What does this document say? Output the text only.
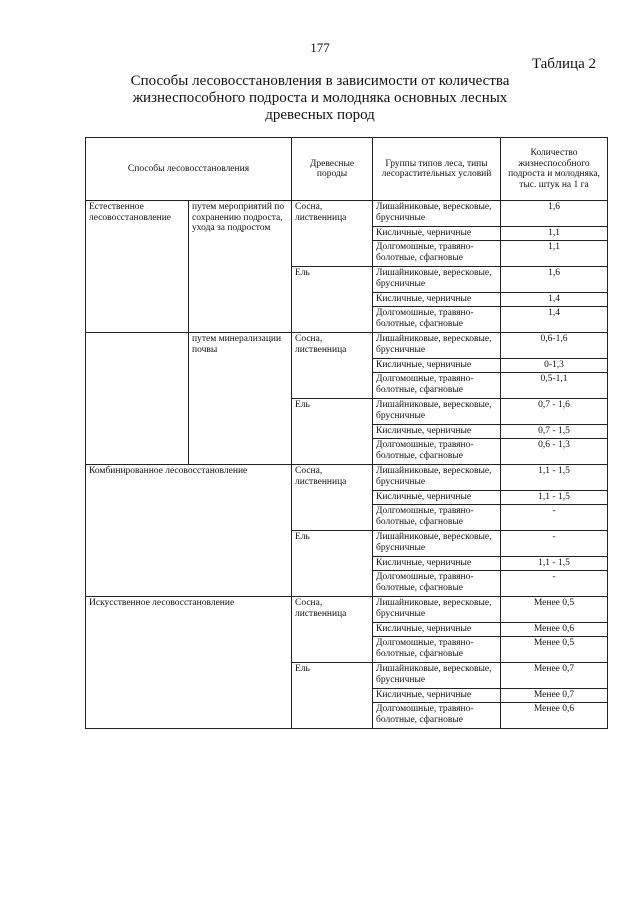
177
Таблица 2
Способы лесовосстановления в зависимости от количества
жизнеспособного подроста и молодняка основных лесных
древесных пород
Способы лесовосстановления		Древесные породы	Группы типов леса, типы лесорастительных условий	Количество жизнеспособного подроста и молодняка, тыс. штук на 1 га
Естественное лесовосстановление	путем мероприятий по сохранению подроста, ухода за подростом	Сосна, лиственница	Лишайниковые, вересковые, брусничные	1,6
			Кисличные, черничные	1,1
			Долгомошные, травяно-болотные, сфагновые	1,1
		Ель	Лишайниковые, вересковые, брусничные	1,6
			Кисличные, черничные	1,4
			Долгомошные, травяно-болотные, сфагновые	1,4
	путем минерализации почвы	Сосна, лиственница	Лишайниковые, вересковые, брусничные	0,6-1,6
			Кисличные, черничные	0-1,3
			Долгомошные, травяно-болотные, сфагновые	0,5-1,1
		Ель	Лишайниковые, вересковые, брусничные	0,7 - 1,6
			Кисличные, черничные	0,7 - 1,5
			Долгомошные, травяно-болотные, сфагновые	0,6 - 1,3
Комбинированное лесовосстановление		Сосна, лиственница	Лишайниковые, вересковые, брусничные	1,1 - 1,5
			Кисличные, черничные	1,1 - 1,5
			Долгомошные, травяно-болотные, сфагновые	-
		Ель	Лишайниковые, вересковые, брусничные	-
			Кисличные, черничные	1,1 - 1,5
			Долгомошные, травяно-болотные, сфагновые	-
Искусственное лесовосстановление		Сосна, лиственница	Лишайниковые, вересковые, брусничные	Менее 0,5
			Кисличные, черничные	Менее 0,6
			Долгомошные, травяно-болотные, сфагновые	Менее 0,5
		Ель	Лишайниковые, вересковые, брусничные	Менее 0,7
			Кисличные, черничные	Менее 0,7
			Долгомошные, травяно-болотные, сфагновые	Менее 0,6
